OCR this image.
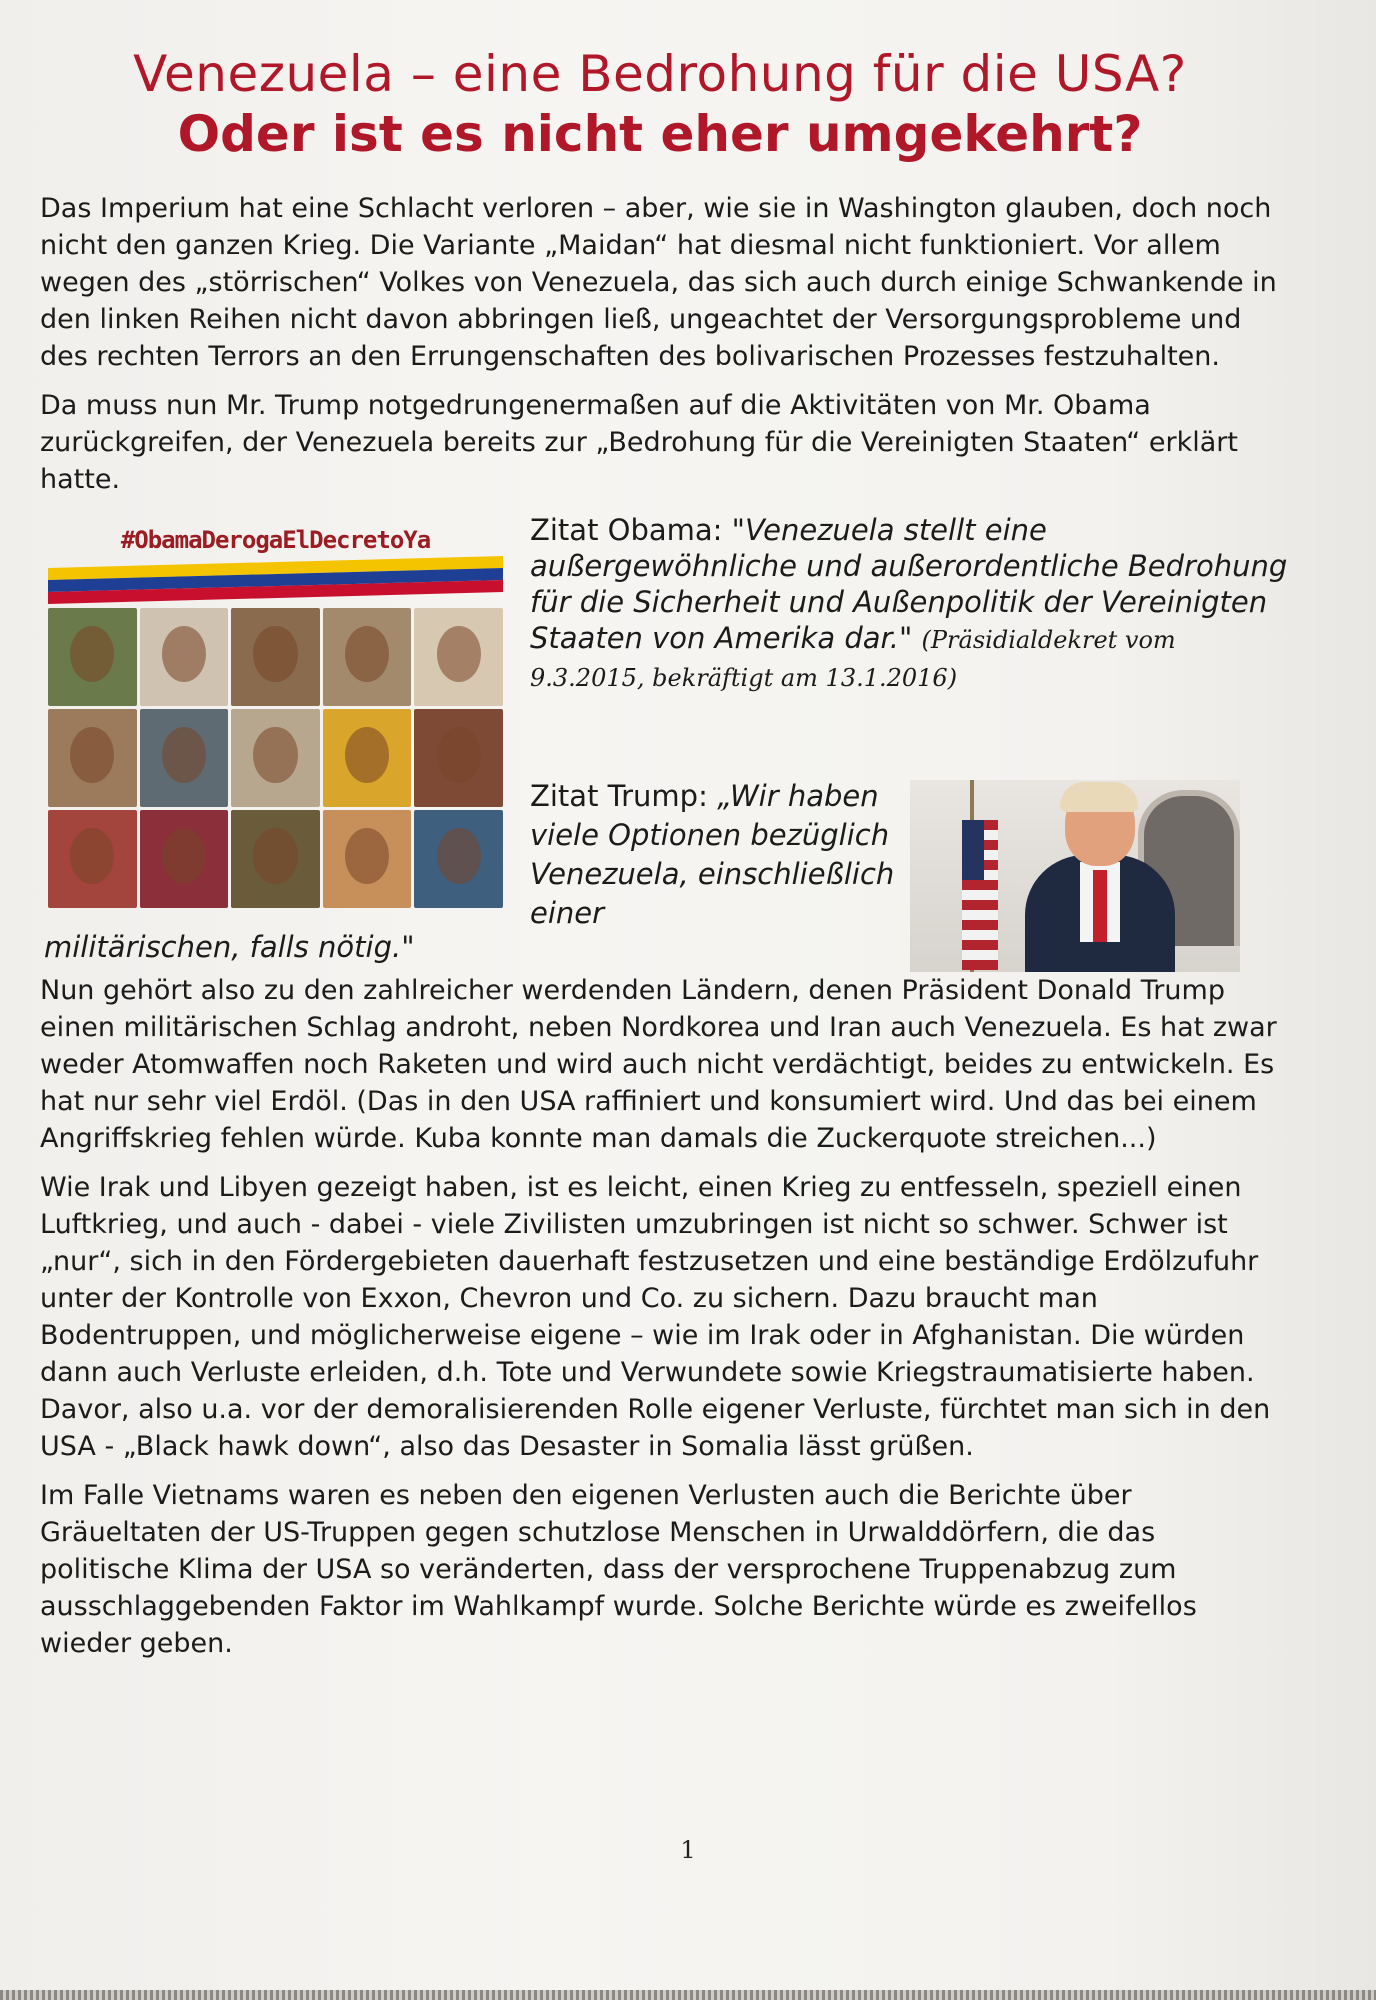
Venezuela – eine Bedrohung für die USA?
Oder ist es nicht eher umgekehrt?

Das Imperium hat eine Schlacht verloren – aber, wie sie in Washington glauben, doch noch nicht den ganzen Krieg. Die Variante „Maidan“ hat diesmal nicht funktioniert. Vor allem wegen des „störrischen“ Volkes von Venezuela, das sich auch durch einige Schwankende in den linken Reihen nicht davon abbringen ließ, ungeachtet der Versorgungsprobleme und des rechten Terrors an den Errungenschaften des bolivarischen Prozesses festzuhalten.

Da muss nun Mr. Trump notgedrungenermaßen auf die Aktivitäten von Mr. Obama zurückgreifen, der Venezuela bereits zur „Bedrohung für die Vereinigten Staaten“ erklärt hatte.

#ObamaDerogaElDecretoYa	Zitat Obama: "Venezuela stellt eine außergewöhnliche und außerordentliche Bedrohung für die Sicherheit und Außenpolitik der Vereinigten Staaten von Amerika dar." (Präsidialdekret vom 9.3.2015, bekräftigt am 13.1.2016)
Zitat Trump: „Wir haben viele Optionen bezüglich Venezuela, einschließlich einer
militärischen, falls nötig."

Nun gehört also zu den zahlreicher werdenden Ländern, denen Präsident Donald Trump einen militärischen Schlag androht, neben Nordkorea und Iran auch Venezuela. Es hat zwar weder Atomwaffen noch Raketen und wird auch nicht verdächtigt, beides zu entwickeln. Es hat nur sehr viel Erdöl. (Das in den USA raffiniert und konsumiert wird. Und das bei einem Angriffskrieg fehlen würde. Kuba konnte man damals die Zuckerquote streichen...)

Wie Irak und Libyen gezeigt haben, ist es leicht, einen Krieg zu entfesseln, speziell einen Luftkrieg, und auch - dabei - viele Zivilisten umzubringen ist nicht so schwer. Schwer ist „nur“, sich in den Fördergebieten dauerhaft festzusetzen und eine beständige Erdölzufuhr unter der Kontrolle von Exxon, Chevron und Co. zu sichern. Dazu braucht man Bodentruppen, und möglicherweise eigene – wie im Irak oder in Afghanistan. Die würden dann auch Verluste erleiden, d.h. Tote und Verwundete sowie Kriegstraumatisierte haben. Davor, also u.a. vor der demoralisierenden Rolle eigener Verluste, fürchtet man sich in den USA - „Black hawk down“, also das Desaster in Somalia lässt grüßen.

Im Falle Vietnams waren es neben den eigenen Verlusten auch die Berichte über Gräueltaten der US-Truppen gegen schutzlose Menschen in Urwalddörfern, die das politische Klima der USA so veränderten, dass der versprochene Truppenabzug zum ausschlaggebenden Faktor im Wahlkampf wurde. Solche Berichte würde es zweifellos wieder geben.

1
